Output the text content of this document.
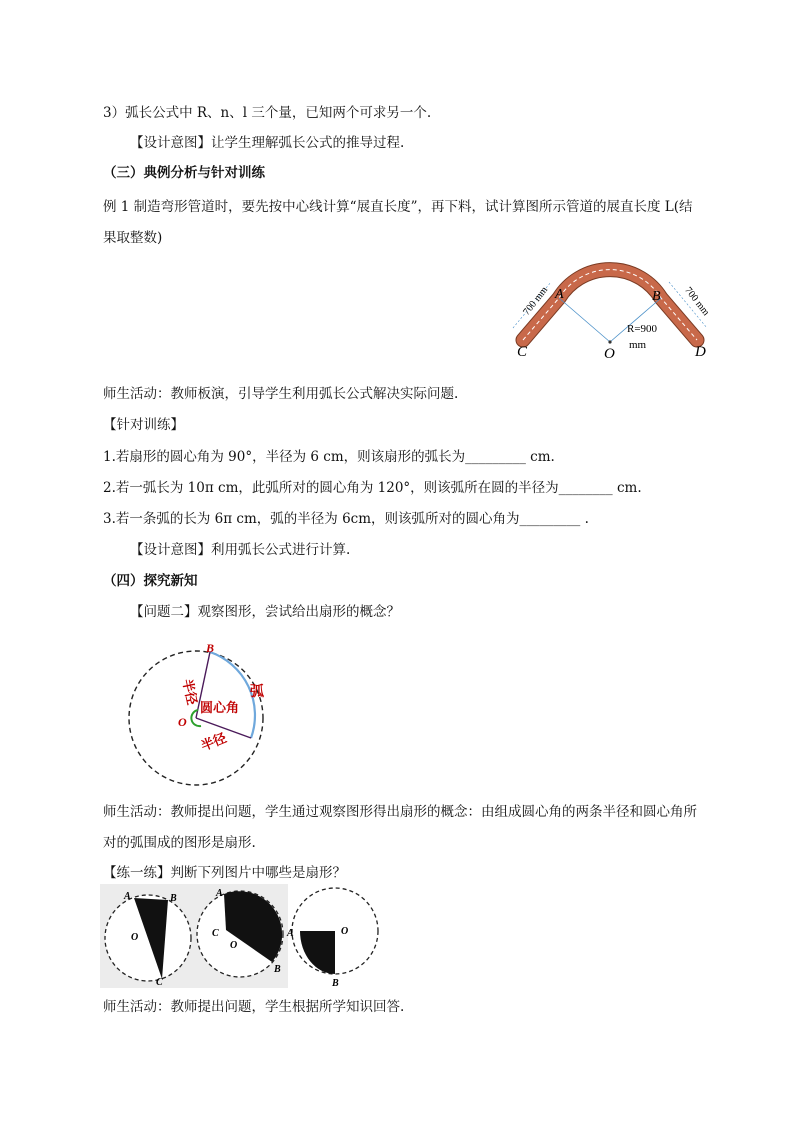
3）弧长公式中 R、n、l 三个量，已知两个可求另一个.
【设计意图】让学生理解弧长公式的推导过程.
（三）典例分析与针对训练
例 1 制造弯形管道时，要先按中心线计算“展直长度”，再下料，试计算图所示管道的展直长度 L(结
果取整数)
700 mm	700 mm
A	B
C	D
O
R=900
mm
师生活动：教师板演，引导学生利用弧长公式解决实际问题.
【针对训练】
1.若扇形的圆心角为 90°，半径为 6 cm，则该扇形的弧长为_________ cm.
2.若一弧长为 10π cm，此弧所对的圆心角为 120°，则该弧所在圆的半径为________ cm.
3.若一条弧的长为 6π cm，弧的半径为 6cm，则该弧所对的圆心角为_________ .
【设计意图】利用弧长公式进行计算.
（四）探究新知
【问题二】观察图形，尝试给出扇形的概念？
B
O
半径
半径
弧
圆心角
师生活动：教师提出问题，学生通过观察图形得出扇形的概念：由组成圆心角的两条半径和圆心角所
对的弧围成的图形是扇形.
【练一练】判断下列图片中哪些是扇形？
A	B
O
C
A
C
O
B
A	O
B
师生活动：教师提出问题，学生根据所学知识回答.
